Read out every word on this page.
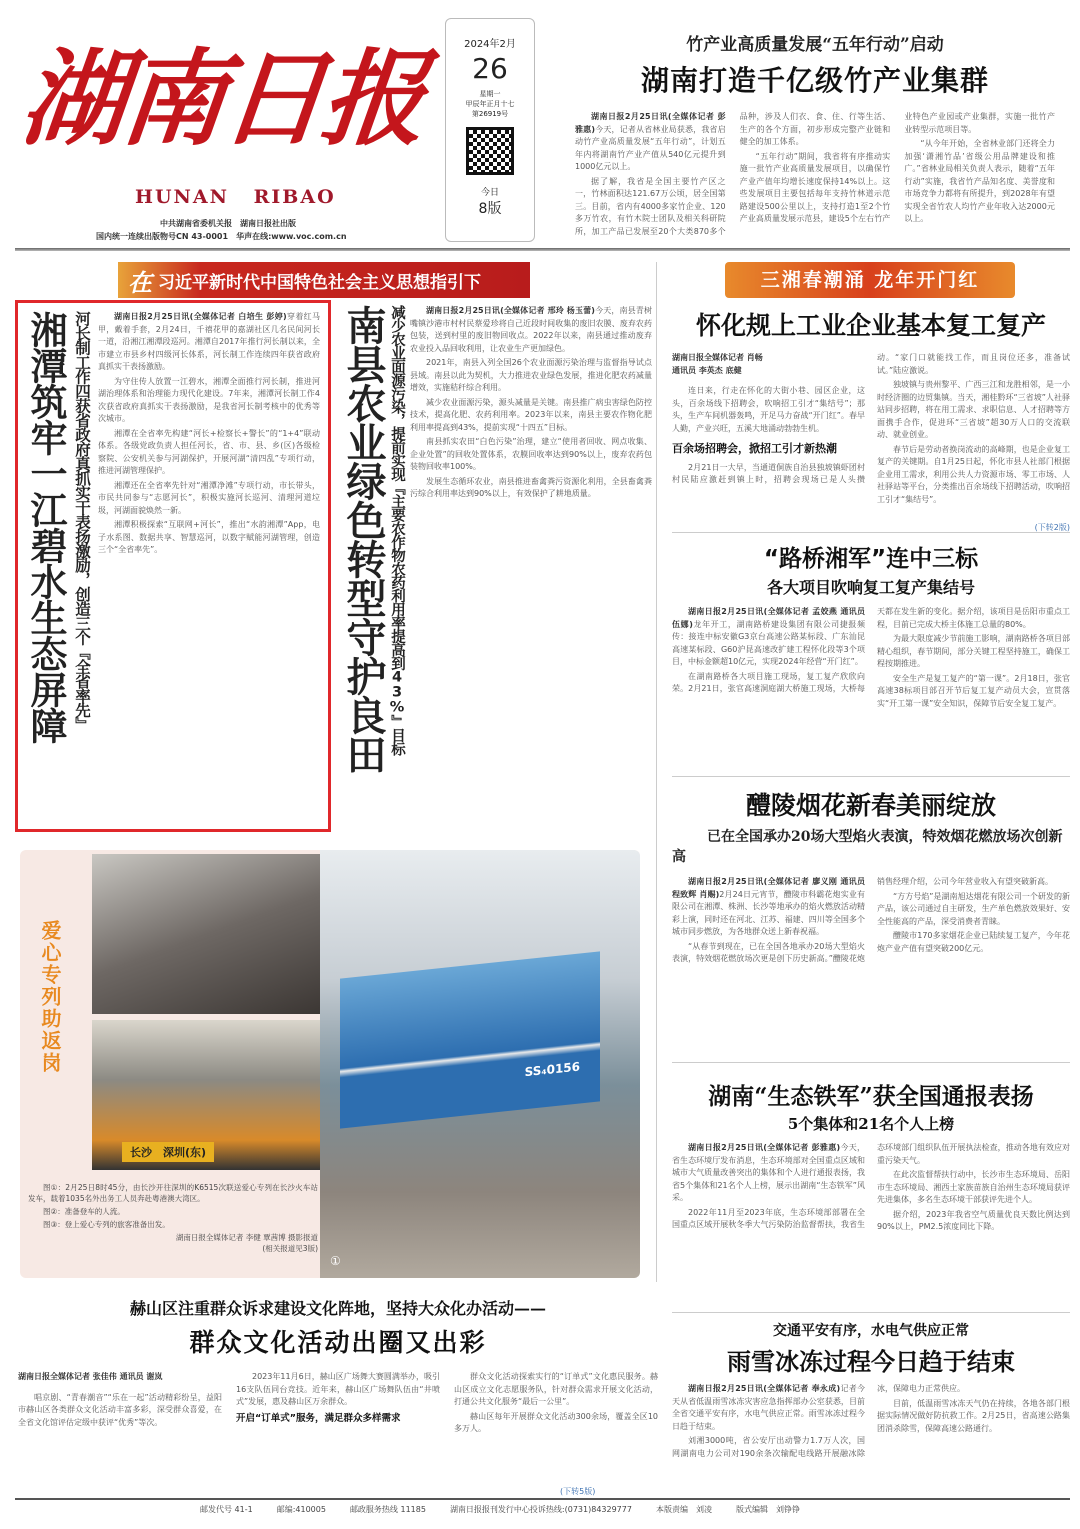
湖南日报
HUNAN RIBAO
中共湖南省委机关报　湖南日报社出版
国内统一连续出版物号CN 43-0001　华声在线:www.voc.com.cn
2024年2月
26
星期一
甲辰年正月十七
第26919号
今日
8版
竹产业高质量发展“五年行动”启动
湖南打造千亿级竹产业集群

湖南日报2月25日讯(全媒体记者 彭雅惠)今天，记者从省林业局获悉，我省启动竹产业高质量发展“五年行动”，计划五年内将湖南竹产业产值从540亿元提升到1000亿元以上。

据了解，我省是全国主要竹产区之一，竹林面积达121.67万公顷，居全国第三。目前，省内有4000多家竹企业、120多万竹农，有竹木院士团队及相关科研院所，加工产品已发展至20个大类870多个品种，涉及人们衣、食、住、行等生活、生产的各个方面，初步形成完整产业链和健全的加工体系。

“五年行动”期间，我省将有序推动实施一批竹产业高质量发展项目，以确保竹产业产值年均增长速度保持14%以上。这些发展项目主要包括每年支持竹林道示范路建设500公里以上，支持打造1至2个竹产业高质量发展示范县，建设5个左右竹产业特色产业园或产业集群，实施一批竹产业转型示范项目等。

“从今年开始，全省林业部门还将全力加强‘潇湘竹品’省级公用品牌建设和推广。”省林业局相关负责人表示，随着“五年行动”实施，我省竹产品知名度、美誉度和市场竞争力都将有所提升，到2028年有望实现全省竹农人均竹产业年收入达2000元以上。

在 习近平新时代中国特色社会主义思想指引下	三湘春潮涌 龙年开门红
湘潭筑牢一江碧水生态屏障 河长制工作四获省政府真抓实干表扬激励，创造三个『全省率先』	湖南日报2月25日讯(全媒体记者 白培生 彭婷)穿着红马甲，戴着手套，2月24日，千禧花甲的嘉湖社区几名民间河长一道，沿湘江湘潭段巡河。湘潭自2017年推行河长制以来，全市建立市县乡村四级河长体系，河长制工作连续四年获省政府真抓实干表扬激励。

为守住传人放置一江碧水，湘潭全面推行河长制，推进河湖治理体系和治理能力现代化建设。7年来，湘潭河长制工作4次获省政府真抓实干表扬激励，是我省河长制考核中的优秀等次城市。

湘潭在全省率先构建“河长+检察长+警长”的“1+4”联动体系。各级党政负责人担任河长，省、市、县、乡(区)各级检察院、公安机关参与河湖保护，开展河湖“清四乱”专项行动，推进河湖管理保护。

湘潭还在全省率先针对“湘潭净滩”专项行动，市长带头，市民共同参与“志愿河长”，积极实施河长巡河、清理河道垃圾，河湖面貌焕然一新。

湘潭积极探索“互联网+河长”，推出“水韵湘潭”App，电子水系图、数据共享、智慧巡河，以数字赋能河湖管理，创造三个“全省率先”。	南县农业绿色转型守护良田 减少农业面源污染，提前实现『主要农作物农药利用率提高到43%』目标	湖南日报2月25日讯(全媒体记者 邢玲 杨玉蕾)今天，南县青树嘴镇沙港市村村民蔡爱珍将自己近段时间收集的废旧农膜、废弃农药包装，送到村里的废旧物回收点。2022年以来，南县通过推动废弃农业投入品回收利用，让农业生产更加绿色。

2021年，南县入列全国26个农业面源污染治理与监督指导试点县域。南县以此为契机，大力推进农业绿色发展，推进化肥农药减量增效，实施秸秆综合利用。

减少农业面源污染，源头减量是关键。南县推广病虫害绿色防控技术，提高化肥、农药利用率。2023年以来，南县主要农作物化肥利用率提高到43%，提前实现“十四五”目标。

南县抓实农田“白色污染”治理，建立“使用者回收、网点收集、企业处置”的回收处置体系，农膜回收率达到90%以上，废弃农药包装物回收率100%。

发展生态循环农业，南县推进畜禽粪污资源化利用，全县畜禽粪污综合利用率达到90%以上，有效保护了耕地质量。

怀化规上工业企业基本复工复产
湖南日报全媒体记者 肖畅
通讯员 李英杰 底健

连日来，行走在怀化的大街小巷、园区企业，这头，百余场线下招聘会，吹响招工引才“集结号”；那头，生产车间机器轰鸣，开足马力奋战“开门红”。春早人勤，产业兴旺，五溪大地涌动勃勃生机。

百余场招聘会，掀招工引才新热潮

2月21日一大早，当通道侗族自治县独坡镇虾团村村民陆应激赶到镇上时，招聘会现场已是人头攒动。“家门口就能找工作，而且岗位还多，准备试试。”陆应激说。

独坡镇与贵州黎平、广西三江和龙胜相邻，是一小时经济圈的边贸集镇。当天，湘桂黔环“三省坡”人社驿站同步招聘，将在用工需求、求职信息、人才招聘等方面携手合作，促进环“三省坡”超30万人口的交流联动、就业创业。

春节后是劳动者换岗流动的高峰期，也是企业复工复产的关键期。自1月25日起，怀化市县人社部门根据企业用工需求，利用公共人力资源市场、零工市场、人社驿站等平台，分类推出百余场线下招聘活动，吹响招工引才“集结号”。

(下转2版)
“路桥湘军”连中三标
各大项目吹响复工复产集结号

湖南日报2月25日讯(全媒体记者 孟姣燕 通讯员 伍娜)龙年开工，湖南路桥建设集团有限公司捷报频传：接连中标安徽G3京台高速公路某标段、广东汕昆高速某标段、G60沪昆高速改扩建工程怀化段等3个项目，中标金额超10亿元，实现2024年经营“开门红”。

在湖南路桥各大项目施工现场，复工复产欣欣向荣。2月21日，张官高速洞庭湖大桥施工现场，大桥每天都在发生新的变化。据介绍，该项目是岳阳市重点工程，目前已完成大桥主体施工总量的80%。

为最大限度减少节前施工影响，湖南路桥各项目部精心组织，春节期间，部分关键工程坚持施工，确保工程按期推进。

安全生产是复工复产的“第一课”。2月18日，张官高速38标项目部召开节后复工复产动员大会，宣贯落实“开工第一课”安全知识，保障节后安全复工复产。

醴陵烟花新春美丽绽放
已在全国承办20场大型焰火表演，特效烟花燃放场次创新高

湖南日报2月25日讯(全媒体记者 廖义刚 通讯员 程致辉 肖赐)2月24日元宵节，醴陵市科霸花炮实业有限公司在湘潭、株洲、长沙等地承办的焰火燃放活动精彩上演，同时还在河北、江苏、福建、四川等全国多个城市同步燃放，为各地群众送上新春祝福。

“从春节到现在，已在全国各地承办20场大型焰火表演，特效烟花燃放场次更是创下历史新高。”醴陵花炮销售经理介绍，公司今年营业收入有望突破新高。

“方方号焰”是湖南旭达烟花有限公司一个研发的新产品，该公司通过自主研发，生产单色燃放效果好、安全性能高的产品，深受消费者青睐。

醴陵市170多家烟花企业已陆续复工复产，今年花炮产业产值有望突破200亿元。

湖南“生态铁军”获全国通报表扬
5个集体和21名个人上榜

湖南日报2月25日讯(全媒体记者 彭雅惠)今天，省生态环境厅发布消息，生态环境部对全国重点区域和城市大气质量改善突出的集体和个人进行通报表扬，我省5个集体和21名个人上榜，展示出湖南“生态铁军”风采。

2022年11月至2023年底，生态环境部部署在全国重点区域开展秋冬季大气污染防治监督帮扶，我省生态环境部门组织队伍开展执法检查，推动各地有效应对重污染天气。

在此次监督帮扶行动中，长沙市生态环境局、岳阳市生态环境局、湘西土家族苗族自治州生态环境局获评先进集体，多名生态环境干部获评先进个人。

据介绍，2023年我省空气质量优良天数比例达到90%以上，PM2.5浓度同比下降。

交通平安有序，水电气供应正常
雨雪冰冻过程今日趋于结束

湖南日报2月25日讯(全媒体记者 奉永成)记者今天从省低温雨雪冰冻灾害应急指挥部办公室获悉，目前全省交通平安有序，水电气供应正常。雨雪冰冻过程今日趋于结束。

刘湘3000吨，省公安厅出动警力1.7万人次，国网湖南电力公司对190余条次输配电线路开展融冰除冰，保障电力正常供应。

目前，低温雨雪冰冻天气仍在持续，各地各部门根据实际情况做好防抗救工作。2月25日，省高速公路集团消杀除雪，保障高速公路通行。

(下转5版)
爱心专列助返岗
长沙　深圳(东)
SS₄0156
①

图①：2月25日8时45分，由长沙开往深圳的K6515次联送爱心专列在长沙火车站发车，载着1035名外出务工人员奔赴粤港澳大湾区。

图②：准备登车的人流。

图③：登上爱心专列的旅客准备出发。

湖南日报全媒体记者 李健 覃茜博 摄影报道
(相关报道见3版)
赫山区注重群众诉求建设文化阵地，坚持大众化办活动——
群众文化活动出圈又出彩
湖南日报全媒体记者 张佳伟 通讯员 谢岚

唱京剧、“青春潮音”“乐在一起”活动精彩纷呈，益阳市赫山区各类群众文化活动丰富多彩，深受群众喜爱，在全省文化馆评估定级中获评“优秀”等次。

2023年11月6日，赫山区广场舞大赛圆满举办，吸引16支队伍同台竞技。近年来，赫山区广场舞队伍由“井喷式”发展，惠及赫山区万余群众。

开启“订单式”服务，满足群众多样需求

群众文化活动探索实行的“订单式”文化惠民服务。赫山区成立文化志愿服务队，针对群众需求开展文化活动，打通公共文化服务“最后一公里”。

赫山区每年开展群众文化活动300余场，覆盖全区10多万人。

邮发代号 41-1	邮编:410005	邮政服务热线 11185	湖南日报报刊发行中心投诉热线:(0731)84329777	本版责编　刘凌	版式编辑　刘铮铮
